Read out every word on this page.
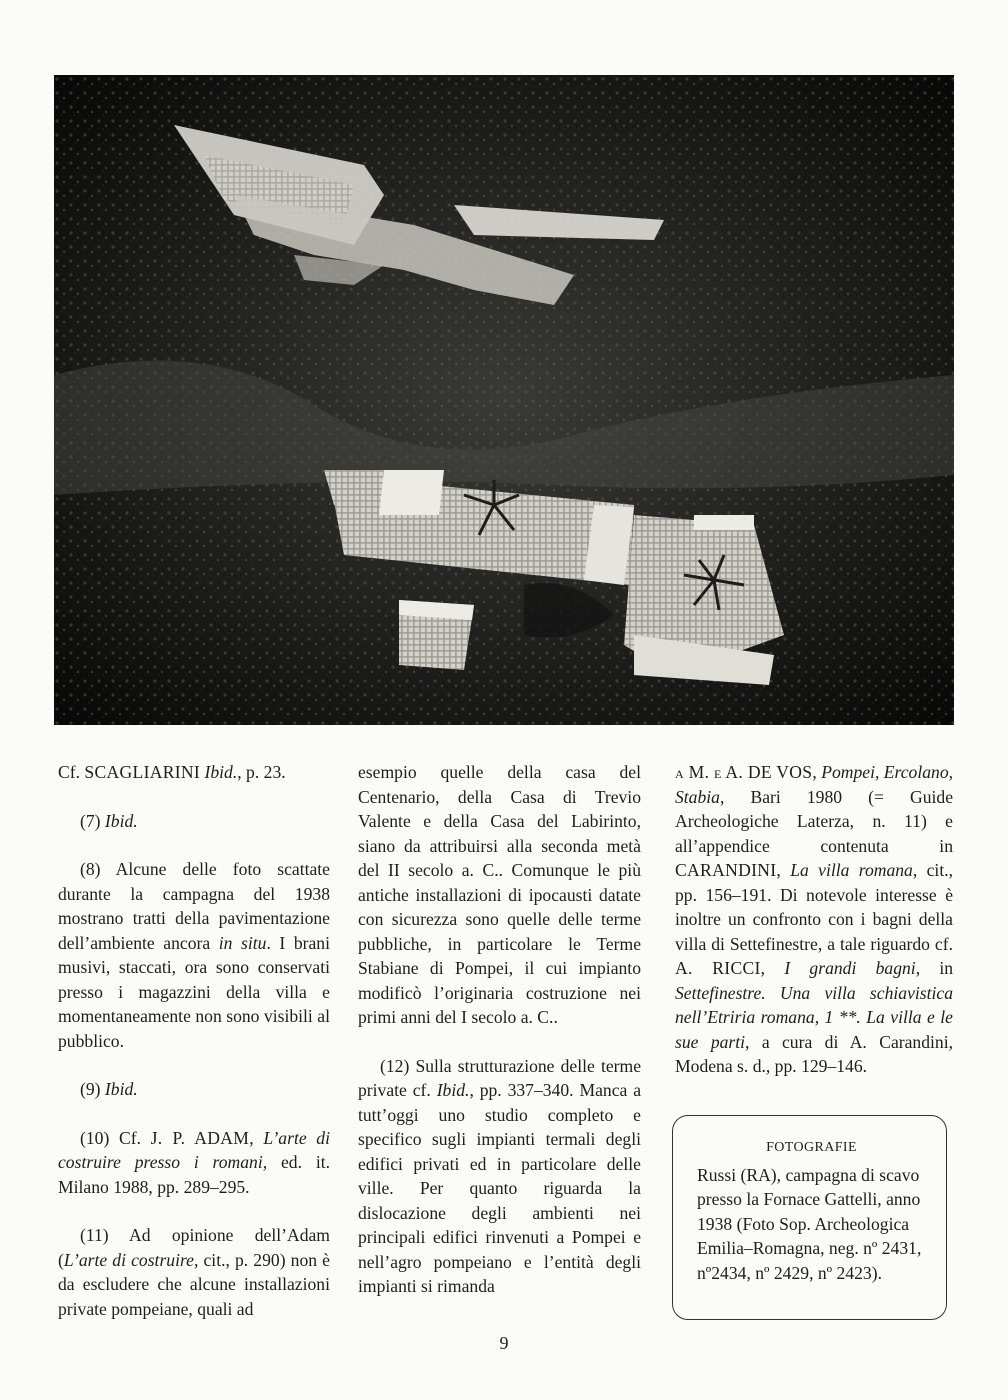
Cf. SCAGLIARINI Ibid., p. 23.

(7) Ibid.

(8) Alcune delle foto scattate durante la campagna del 1938 mostrano tratti della pavimentazione dell’ambiente ancora in situ. I brani musivi, staccati, ora sono conservati presso i magazzini della villa e momentaneamente non sono visibili al pubblico.

(9) Ibid.

(10) Cf. J. P. ADAM, L’arte di costruire presso i romani, ed. it. Milano 1988, pp. 289–295.

(11) Ad opinione dell’Adam (L’arte di costruire, cit., p. 290) non è da escludere che alcune installazioni private pompeiane, quali ad

esempio quelle della casa del Centenario, della Casa di Trevio Valente e della Casa del Labirinto, siano da attribuirsi alla seconda metà del II secolo a. C.. Comunque le più antiche installazioni di ipocausti datate con sicurezza sono quelle delle terme pubbliche, in particolare le Terme Stabiane di Pompei, il cui impianto modificò l’originaria costruzione nei primi anni del I secolo a. C..

(12) Sulla strutturazione delle terme private cf. Ibid., pp. 337–340. Manca a tutt’oggi uno studio completo e specifico sugli impianti termali degli edifici privati ed in particolare delle ville. Per quanto riguarda la dislocazione degli ambienti nei principali edifici rinvenuti a Pompei e nell’agro pompeiano e l’entità degli impianti si rimanda

a M. e A. DE VOS, Pompei, Ercolano, Stabia, Bari 1980 (= Guide Archeologiche Laterza, n. 11) e all’appendice contenuta in CARANDINI, La villa romana, cit., pp. 156–191. Di notevole interesse è inoltre un confronto con i bagni della villa di Settefinestre, a tale riguardo cf. A. RICCI, I grandi bagni, in Settefinestre. Una villa schiavistica nell’Etriria romana, 1 **. La villa e le sue parti, a cura di A. Carandini, Modena s. d., pp. 129–146.

FOTOGRAFIE
Russi (RA), campagna di scavo presso la Fornace Gattelli, anno 1938 (Foto Sop. Archeologica Emilia–Romagna, neg. nº 2431, nº2434, nº 2429, nº 2423).
9
